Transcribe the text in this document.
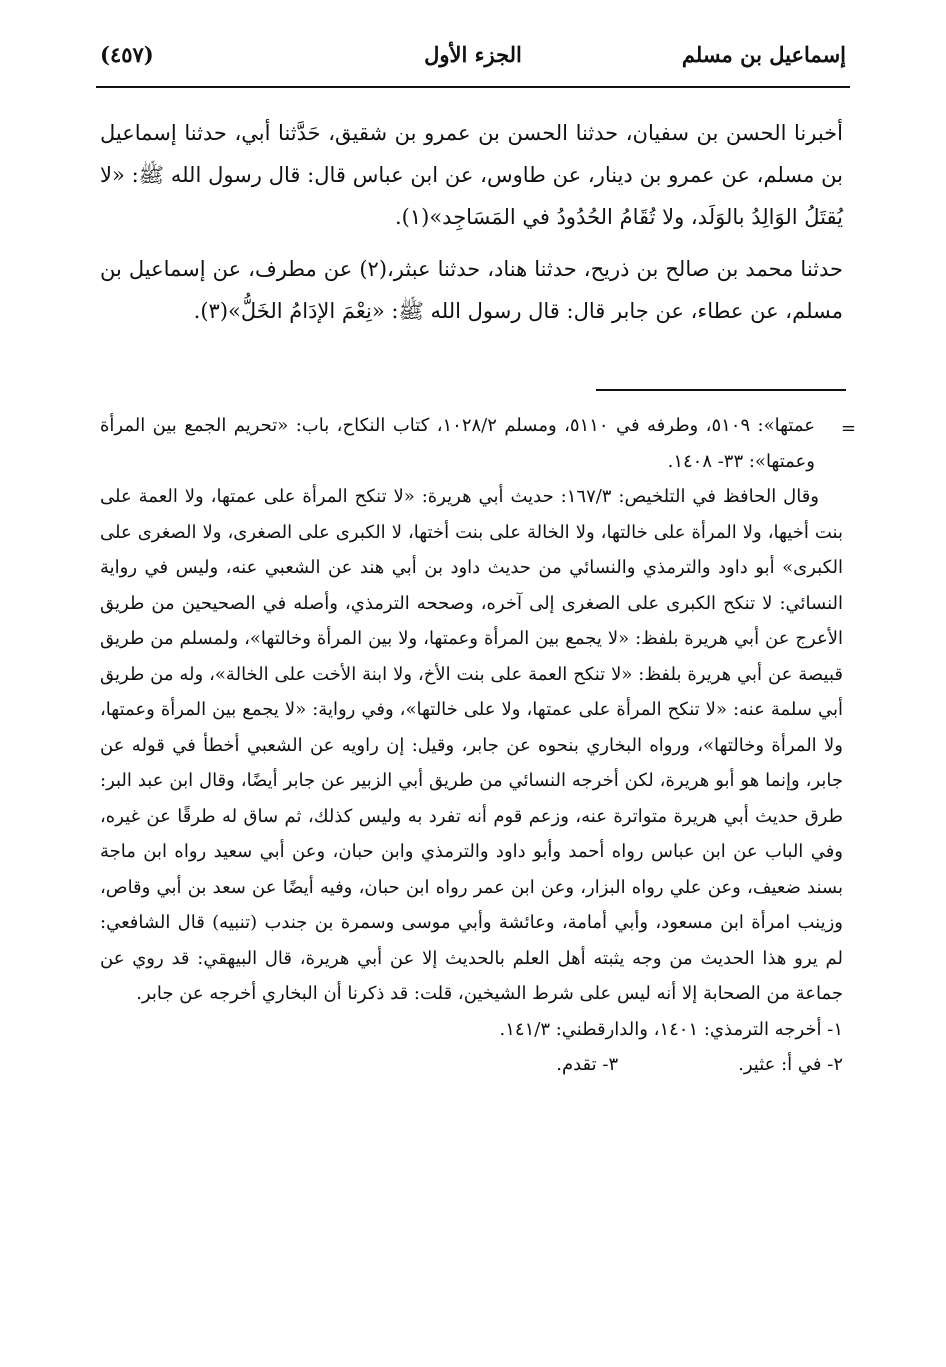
إسماعيل بن مسلم
الجزء الأول
(٤٥٧)

أخبرنا الحسن بن سفيان، حدثنا الحسن بن عمرو بن شقيق، حَدَّثنا أبي، حدثنا إسماعيل بن مسلم، عن عمرو بن دينار، عن طاوس، عن ابن عباس قال: قال رسول الله ﷺ: «لا يُقتَلُ الوَالِدُ بالوَلَد، ولا تُقَامُ الحُدُودُ في المَسَاجِد»(١).

حدثنا محمد بن صالح بن ذريح، حدثنا هناد، حدثنا عبثر،(٢) عن مطرف، عن إسماعيل بن مسلم، عن عطاء، عن جابر قال: قال رسول الله ﷺ: «نِعْمَ الإدَامُ الخَلُّ»(٣).

=

عمتها»: ٥١٠٩، وطرفه في ٥١١٠، ومسلم ١٠٢٨/٢، كتاب النكاح، باب: «تحريم الجمع بين المرأة وعمتها»: ٣٣- ١٤٠٨.

وقال الحافظ في التلخيص: ١٦٧/٣: حديث أبي هريرة: «لا تنكح المرأة على عمتها، ولا العمة على بنت أخيها، ولا المرأة على خالتها، ولا الخالة على بنت أختها، لا الكبرى على الصغرى، ولا الصغرى على الكبرى» أبو داود والترمذي والنسائي من حديث داود بن أبي هند عن الشعبي عنه، وليس في رواية النسائي: لا تنكح الكبرى على الصغرى إلى آخره، وصححه الترمذي، وأصله في الصحيحين من طريق الأعرج عن أبي هريرة بلفظ: «لا يجمع بين المرأة وعمتها، ولا بين المرأة وخالتها»، ولمسلم من طريق قبيصة عن أبي هريرة بلفظ: «لا تنكح العمة على بنت الأخ، ولا ابنة الأخت على الخالة»، وله من طريق أبي سلمة عنه: «لا تنكح المرأة على عمتها، ولا على خالتها»، وفي رواية: «لا يجمع بين المرأة وعمتها، ولا المرأة وخالتها»، ورواه البخاري بنحوه عن جابر، وقيل: إن راويه عن الشعبي أخطأ في قوله عن جابر، وإنما هو أبو هريرة، لكن أخرجه النسائي من طريق أبي الزبير عن جابر أيضًا، وقال ابن عبد البر: طرق حديث أبي هريرة متواترة عنه، وزعم قوم أنه تفرد به وليس كذلك، ثم ساق له طرقًا عن غيره، وفي الباب عن ابن عباس رواه أحمد وأبو داود والترمذي وابن حبان، وعن أبي سعيد رواه ابن ماجة بسند ضعيف، وعن علي رواه البزار، وعن ابن عمر رواه ابن حبان، وفيه أيضًا عن سعد بن أبي وقاص، وزينب امرأة ابن مسعود، وأبي أمامة، وعائشة وأبي موسى وسمرة بن جندب (تنبيه) قال الشافعي: لم يرو هذا الحديث من وجه يثبته أهل العلم بالحديث إلا عن أبي هريرة، قال البيهقي: قد روي عن جماعة من الصحابة إلا أنه ليس على شرط الشيخين، قلت: قد ذكرنا أن البخاري أخرجه عن جابر.

١- أخرجه الترمذي: ١٤٠١، والدارقطني: ١٤١/٣.

٢- في أ: عثير.

٣- تقدم.
